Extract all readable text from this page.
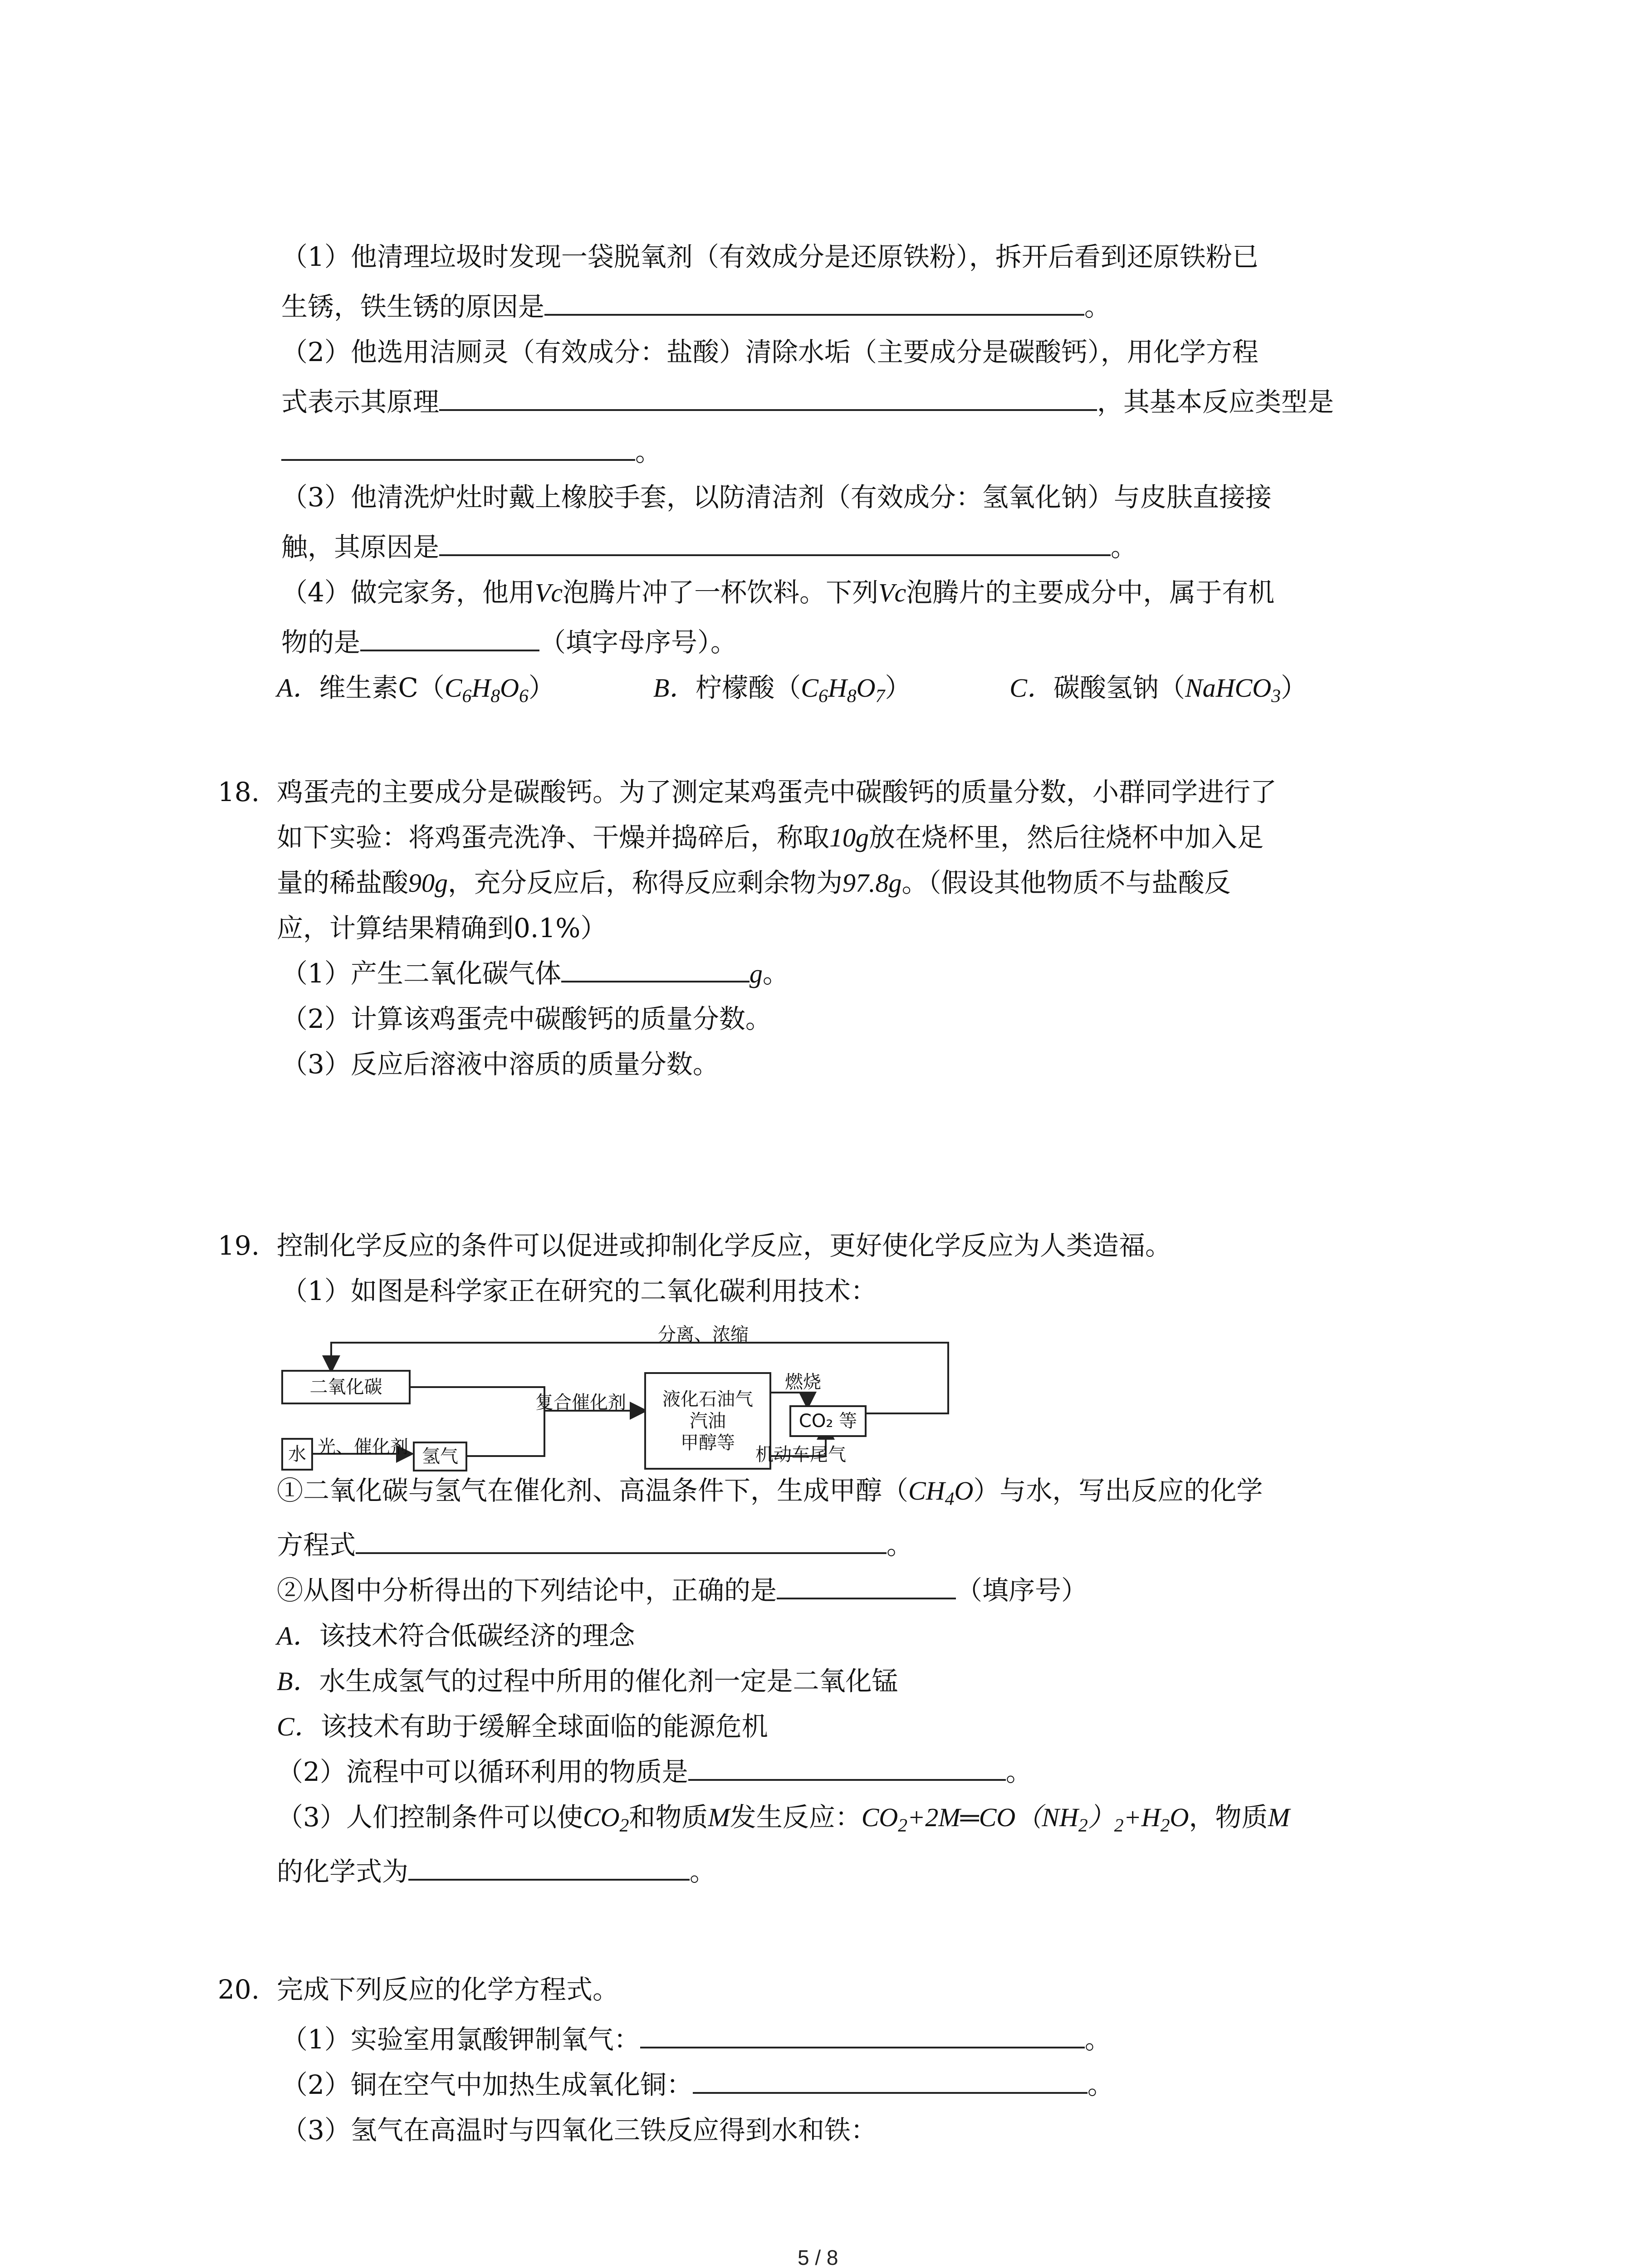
（1）他清理垃圾时发现一袋脱氧剂（有效成分是还原铁粉），拆开后看到还原铁粉已
生锈，铁生锈的原因是	。
（2）他选用洁厕灵（有效成分：盐酸）清除水垢（主要成分是碳酸钙），用化学方程
式表示其原理	，其基本反应类型是
。
（3）他清洗炉灶时戴上橡胶手套，以防清洁剂（有效成分：氢氧化钠）与皮肤直接接
触，其原因是	。
（4）做完家务，他用Vc泡腾片冲了一杯饮料。下列Vc泡腾片的主要成分中，属于有机
物的是	（填字母序号）。
A．维生素$C(C_6H_8O_6)$	B．柠檬酸$(C_6H_8O_7)$	C．碳酸氢钠（NaHCO$_3$）
18. 鸡蛋壳的主要成分是碳酸钙。为了测定某鸡蛋壳中碳酸钙的质量分数，小群同学进行了
如下实验：将鸡蛋壳洗净、干燥并捣碎后，称取10g放在烧杯里，然后往烧杯中加入足
量的稀盐酸90g，充分反应后，称得反应剩余物为97.8g。（假设其他物质不与盐酸反
应，计算结果精确到0.1%）
（1）产生二氧化碳气体	g。
（2）计算该鸡蛋壳中碳酸钙的质量分数。
（3）反应后溶液中溶质的质量分数。
19. 控制化学反应的条件可以促进或抑制化学反应，更好使化学反应为人类造福。
（1）如图是科学家正在研究的二氧化碳利用技术：
分离、浓缩
二氧化碳
水 光、催化剂 氢气
复合催化剂	液化石油气
汽油
甲醇等
燃烧
机动车尾气
CO₂ 等
①二氧化碳与氢气在催化剂、高温条件下，生成甲醇$(CH_4O)$与水，写出反应的化学
方程式	。
②从图中分析得出的下列结论中，正确的是	（填序号）
A．该技术符合低碳经济的理念
B．水生成氢气的过程中所用的催化剂一定是二氧化锰
C．该技术有助于缓解全球面临的能源危机
（2）流程中可以循环利用的物质是	。
（3）人们控制条件可以使$CO_2$和物质M发生反应：$CO_2+2M═CO(NH_2)_2+H_2O$，物质M
的化学式为	。
20. 完成下列反应的化学方程式。
（1）实验室用氯酸钾制氧气：	。
（2）铜在空气中加热生成氧化铜：	。
（3）氢气在高温时与四氧化三铁反应得到水和铁：
5 / 8
